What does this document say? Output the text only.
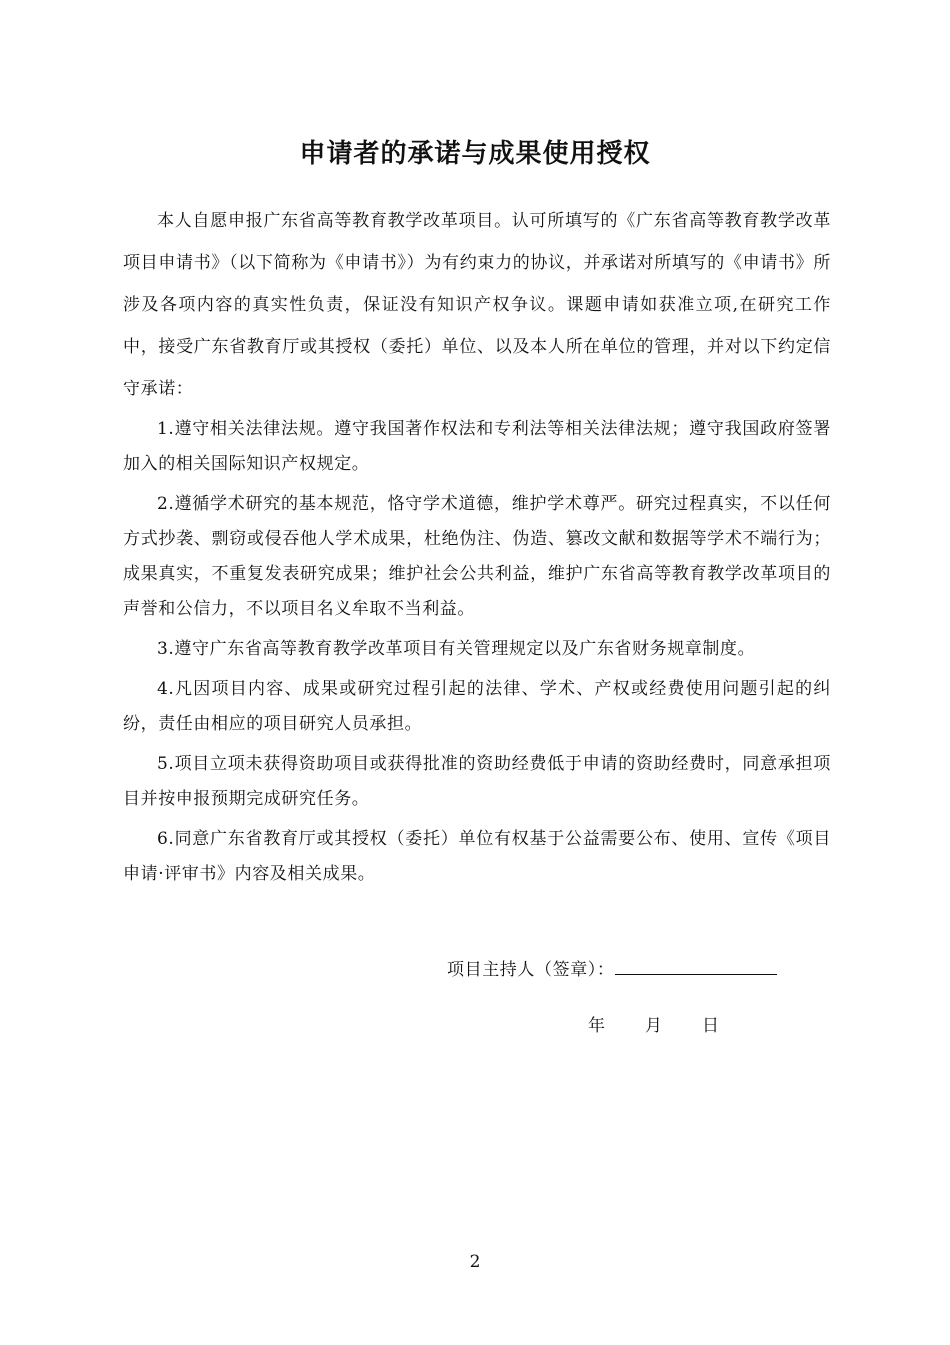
申请者的承诺与成果使用授权

本人自愿申报广东省高等教育教学改革项目。认可所填写的《广东省高等教育教学改革项目申请书》（以下简称为《申请书》）为有约束力的协议，并承诺对所填写的《申请书》所涉及各项内容的真实性负责，保证没有知识产权争议。课题申请如获准立项,在研究工作中，接受广东省教育厅或其授权（委托）单位、以及本人所在单位的管理，并对以下约定信守承诺：

1.遵守相关法律法规。遵守我国著作权法和专利法等相关法律法规；遵守我国政府签署加入的相关国际知识产权规定。

2.遵循学术研究的基本规范，恪守学术道德，维护学术尊严。研究过程真实，不以任何方式抄袭、剽窃或侵吞他人学术成果，杜绝伪注、伪造、篡改文献和数据等学术不端行为；成果真实，不重复发表研究成果；维护社会公共利益，维护广东省高等教育教学改革项目的声誉和公信力，不以项目名义牟取不当利益。

3.遵守广东省高等教育教学改革项目有关管理规定以及广东省财务规章制度。

4.凡因项目内容、成果或研究过程引起的法律、学术、产权或经费使用问题引起的纠纷，责任由相应的项目研究人员承担。

5.项目立项未获得资助项目或获得批准的资助经费低于申请的资助经费时，同意承担项目并按申报预期完成研究任务。

6.同意广东省教育厅或其授权（委托）单位有权基于公益需要公布、使用、宣传《项目申请·评审书》内容及相关成果。

项目主持人（签章）：
年 月 日
2
